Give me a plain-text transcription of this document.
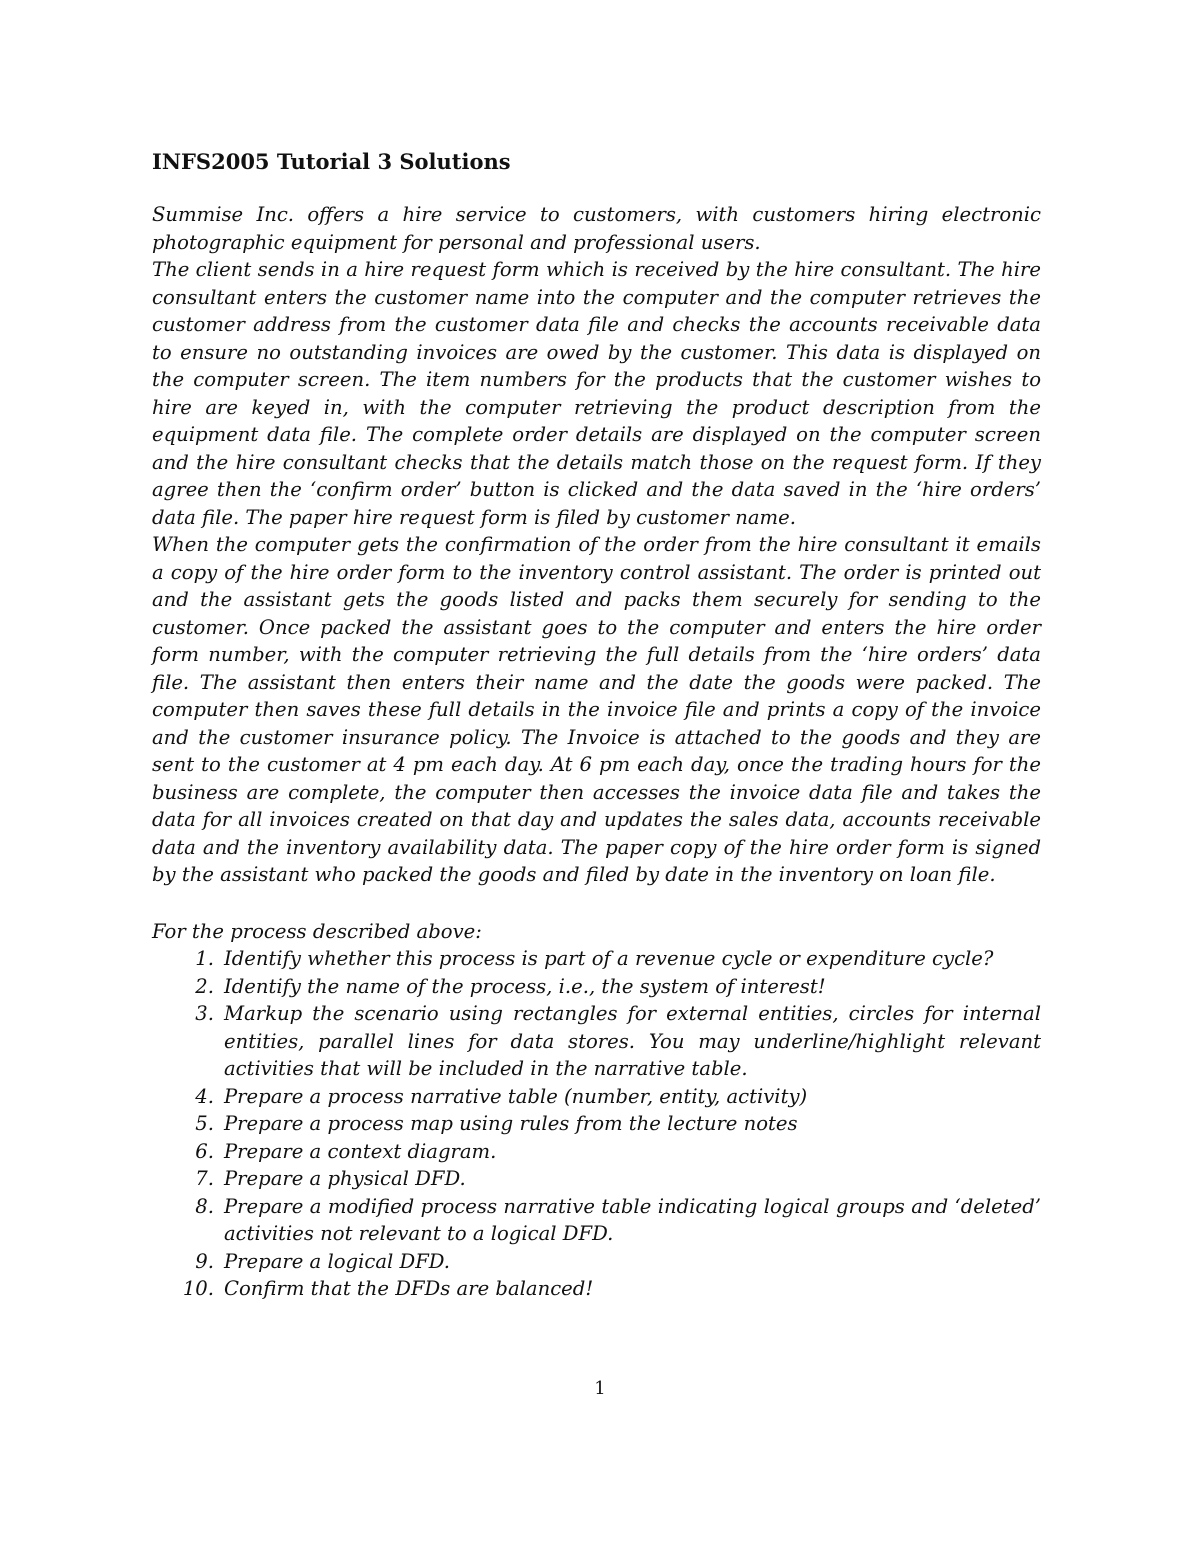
INFS2005 Tutorial 3 Solutions

Summise Inc. offers a hire service to customers, with customers hiring electronic photographic equipment for personal and professional users.

The client sends in a hire request form which is received by the hire consultant. The hire consultant enters the customer name into the computer and the computer retrieves the customer address from the customer data file and checks the accounts receivable data to ensure no outstanding invoices are owed by the customer. This data is displayed on the computer screen. The item numbers for the products that the customer wishes to hire are keyed in, with the computer retrieving the product description from the equipment data file. The complete order details are displayed on the computer screen and the hire consultant checks that the details match those on the request form. If they agree then the ‘confirm order’ button is clicked and the data saved in the ‘hire orders’ data file. The paper hire request form is filed by customer name.

When the computer gets the confirmation of the order from the hire consultant it emails a copy of the hire order form to the inventory control assistant. The order is printed out and the assistant gets the goods listed and packs them securely for sending to the customer. Once packed the assistant goes to the computer and enters the hire order form number, with the computer retrieving the full details from the ‘hire orders’ data file. The assistant then enters their name and the date the goods were packed. The computer then saves these full details in the invoice file and prints a copy of the invoice and the customer insurance policy. The Invoice is attached to the goods and they are sent to the customer at 4 pm each day. At 6 pm each day, once the trading hours for the business are complete, the computer then accesses the invoice data file and takes the data for all invoices created on that day and updates the sales data, accounts receivable data and the inventory availability data. The paper copy of the hire order form is signed by the assistant who packed the goods and filed by date in the inventory on loan file.

For the process described above:

1. Identify whether this process is part of a revenue cycle or expenditure cycle?
2. Identify the name of the process, i.e., the system of interest!
3. Markup the scenario using rectangles for external entities, circles for internal entities, parallel lines for data stores. You may underline/highlight relevant activities that will be included in the narrative table.
4. Prepare a process narrative table (number, entity, activity)
5. Prepare a process map using rules from the lecture notes
6. Prepare a context diagram.
7. Prepare a physical DFD.
8. Prepare a modified process narrative table indicating logical groups and ‘deleted’ activities not relevant to a logical DFD.
9. Prepare a logical DFD.
10. Confirm that the DFDs are balanced!
1
